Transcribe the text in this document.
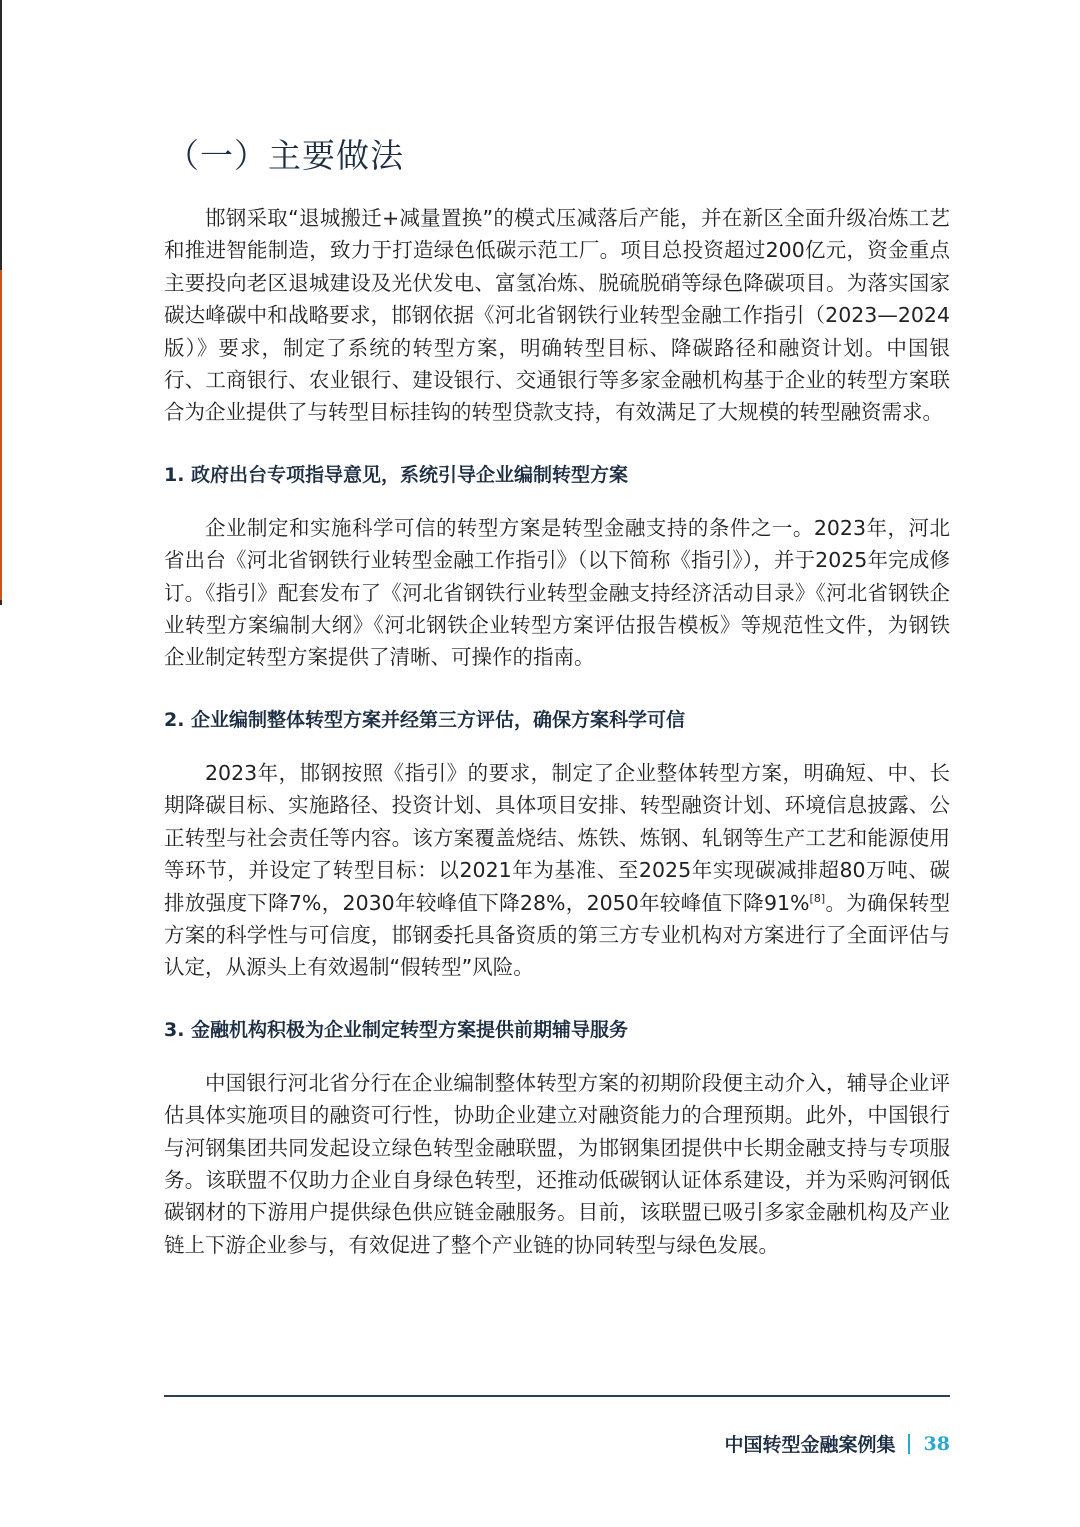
（一）主要做法

邯钢采取“退城搬迁+减量置换”的模式压减落后产能，并在新区全面升级冶炼工艺和推进智能制造，致力于打造绿色低碳示范工厂。项目总投资超过200亿元，资金重点主要投向老区退城建设及光伏发电、富氢冶炼、脱硫脱硝等绿色降碳项目。为落实国家碳达峰碳中和战略要求，邯钢依据《河北省钢铁行业转型金融工作指引（2023—2024版）》要求，制定了系统的转型方案，明确转型目标、降碳路径和融资计划。中国银行、工商银行、农业银行、建设银行、交通银行等多家金融机构基于企业的转型方案联合为企业提供了与转型目标挂钩的转型贷款支持，有效满足了大规模的转型融资需求。

1. 政府出台专项指导意见，系统引导企业编制转型方案

企业制定和实施科学可信的转型方案是转型金融支持的条件之一。2023年，河北省出台《河北省钢铁行业转型金融工作指引》（以下简称《指引》），并于2025年完成修订。《指引》配套发布了《河北省钢铁行业转型金融支持经济活动目录》《河北省钢铁企业转型方案编制大纲》《河北钢铁企业转型方案评估报告模板》等规范性文件，为钢铁企业制定转型方案提供了清晰、可操作的指南。

2. 企业编制整体转型方案并经第三方评估，确保方案科学可信

2023年，邯钢按照《指引》的要求，制定了企业整体转型方案，明确短、中、长期降碳目标、实施路径、投资计划、具体项目安排、转型融资计划、环境信息披露、公正转型与社会责任等内容。该方案覆盖烧结、炼铁、炼钢、轧钢等生产工艺和能源使用等环节，并设定了转型目标：以2021年为基准、至2025年实现碳减排超80万吨、碳排放强度下降7%，2030年较峰值下降28%，2050年较峰值下降91%[8]。为确保转型方案的科学性与可信度，邯钢委托具备资质的第三方专业机构对方案进行了全面评估与认定，从源头上有效遏制“假转型”风险。

3. 金融机构积极为企业制定转型方案提供前期辅导服务

中国银行河北省分行在企业编制整体转型方案的初期阶段便主动介入，辅导企业评估具体实施项目的融资可行性，协助企业建立对融资能力的合理预期。此外，中国银行与河钢集团共同发起设立绿色转型金融联盟，为邯钢集团提供中长期金融支持与专项服务。该联盟不仅助力企业自身绿色转型，还推动低碳钢认证体系建设，并为采购河钢低碳钢材的下游用户提供绿色供应链金融服务。目前，该联盟已吸引多家金融机构及产业链上下游企业参与，有效促进了整个产业链的协同转型与绿色发展。

中国转型金融案例集 38
